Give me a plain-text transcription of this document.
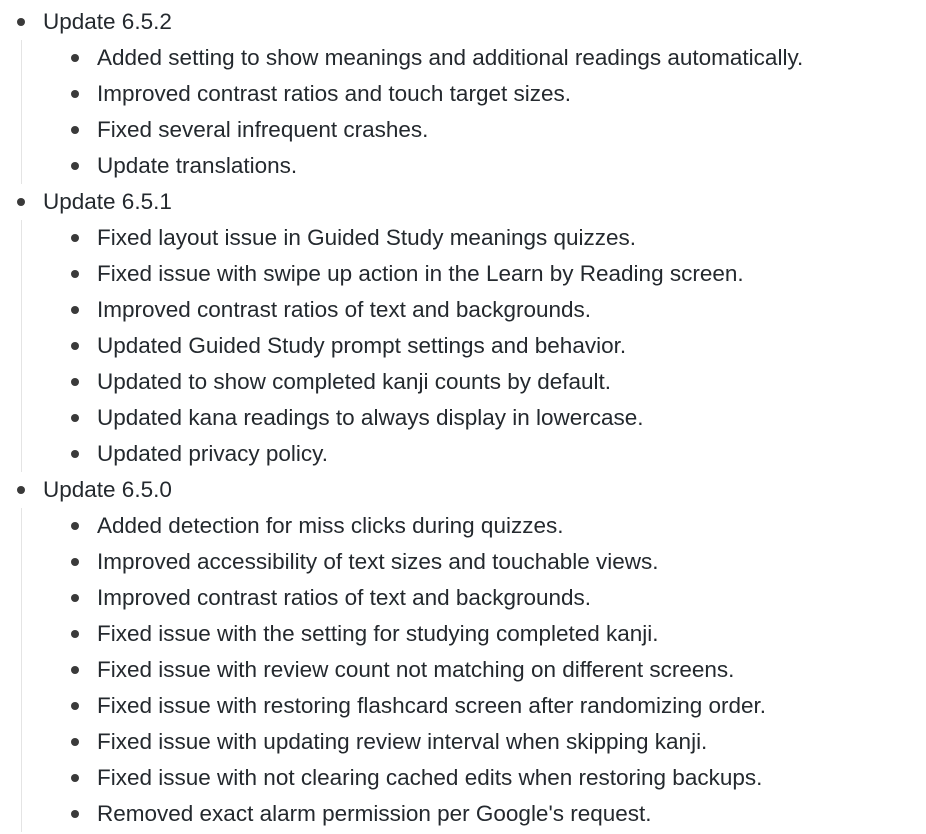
Update 6.5.2
• Added setting to show meanings and additional readings automatically.
• Improved contrast ratios and touch target sizes.
• Fixed several infrequent crashes.
• Update translations.
Update 6.5.1
• Fixed layout issue in Guided Study meanings quizzes.
• Fixed issue with swipe up action in the Learn by Reading screen.
• Improved contrast ratios of text and backgrounds.
• Updated Guided Study prompt settings and behavior.
• Updated to show completed kanji counts by default.
• Updated kana readings to always display in lowercase.
• Updated privacy policy.
Update 6.5.0
• Added detection for miss clicks during quizzes.
• Improved accessibility of text sizes and touchable views.
• Improved contrast ratios of text and backgrounds.
• Fixed issue with the setting for studying completed kanji.
• Fixed issue with review count not matching on different screens.
• Fixed issue with restoring flashcard screen after randomizing order.
• Fixed issue with updating review interval when skipping kanji.
• Fixed issue with not clearing cached edits when restoring backups.
• Removed exact alarm permission per Google's request.
